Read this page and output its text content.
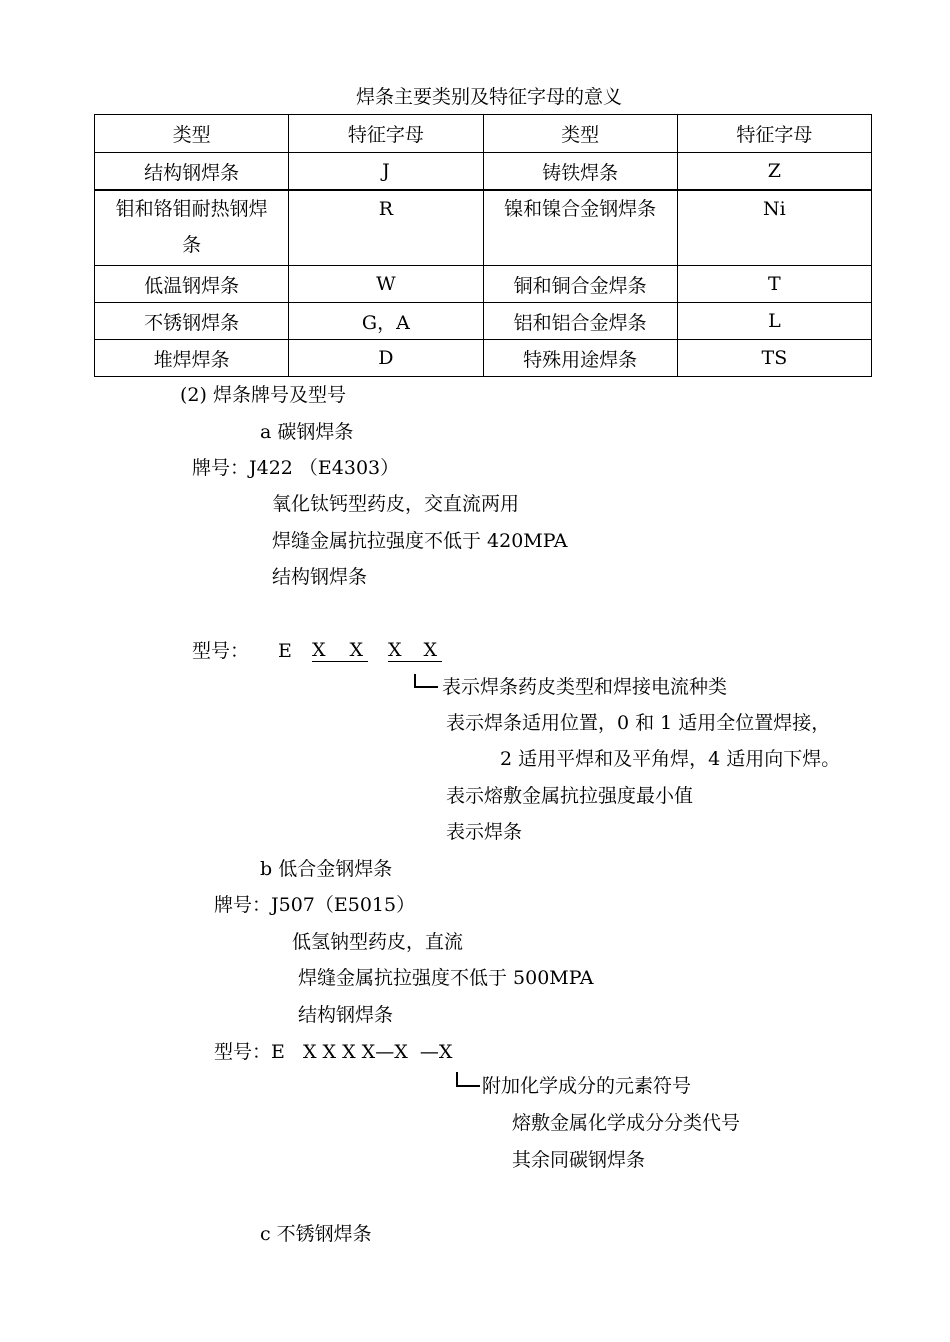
焊条主要类别及特征字母的意义
类型	特征字母	类型	特征字母
结构钢焊条	J	铸铁焊条	Z
钼和铬钼耐热钢焊条	R	镍和镍合金钢焊条	Ni
低温钢焊条	W	铜和铜合金焊条	T
不锈钢焊条	G，A	铝和铝合金焊条	L
堆焊焊条	D	特殊用途焊条	TS
(2) 焊条牌号及型号
a 碳钢焊条
牌号：J422 （E4303）
氧化钛钙型药皮，交直流两用
焊缝金属抗拉强度不低于 420MPA
结构钢焊条
型号： E X X X X
表示焊条药皮类型和焊接电流种类
表示焊条适用位置，0 和 1 适用全位置焊接，
2 适用平焊和及平角焊，4 适用向下焊。
表示熔敷金属抗拉强度最小值
表示焊条
b 低合金钢焊条
牌号：J507（E5015）
低氢钠型药皮，直流
焊缝金属抗拉强度不低于 500MPA
结构钢焊条
型号：E   X X X X—X  —X
附加化学成分的元素符号
熔敷金属化学成分分类代号
其余同碳钢焊条
c 不锈钢焊条
